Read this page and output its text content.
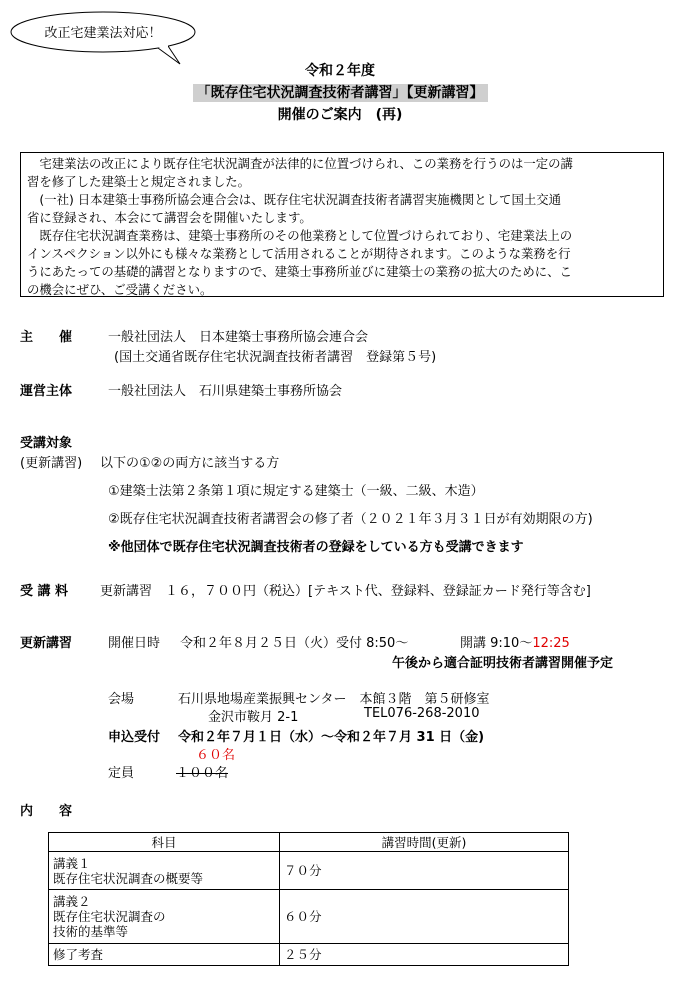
改正宅建業法対応！
令和２年度
「既存住宅状況調査技術者講習」【更新講習】
開催のご案内　(再)

　宅建業法の改正により既存住宅状況調査が法律的に位置づけられ、この業務を行うのは一定の講

習を修了した建築士と規定されました。

　(一社) 日本建築士事務所協会連合会は、既存住宅状況調査技術者講習実施機関として国土交通

省に登録され、本会にて講習会を開催いたします。

　既存住宅状況調査業務は、建築士事務所のその他業務として位置づけられており、宅建業法上の

インスペクション以外にも様々な業務として活用されることが期待されます。このような業務を行

うにあたっての基礎的講習となりますので、建築士事務所並びに建築士の業務の拡大のために、こ

の機会にぜひ、ご受講ください。

主　　催	一般社団法人　日本建築士事務所協会連合会
(国土交通省既存住宅状況調査技術者講習　登録第５号)
運営主体	一般社団法人　石川県建築士事務所協会
受講対象
(更新講習) 以下の①②の両方に該当する方
①建築士法第２条第１項に規定する建築士（一級、二級、木造）
②既存住宅状況調査技術者講習会の修了者（２０２１年３月３１日が有効期限の方)
※他団体で既存住宅状況調査技術者の登録をしている方も受講できます
受 講 料 更新講習　１６，７００円（税込）[テキスト代、登録料、登録証カード発行等含む]
更新講習	開催日時 令和２年８月２５日（火）受付 8:50～	開講 9:10～12:25
午後から適合証明技術者講習開催予定
会場	石川県地場産業振興センター　本館３階　第５研修室
金沢市鞍月 2-1	TEL076-268-2010
申込受付 令和２年７月１日（水）～令和２年７月 31 日（金)
６０名
定員	１００名
内　　容
科目	講習時間(更新)

講義１
既存住宅状況調査の概要等	７０分

講義２
既存住宅状況調査の
技術的基準等	６０分
修了考査	２５分
